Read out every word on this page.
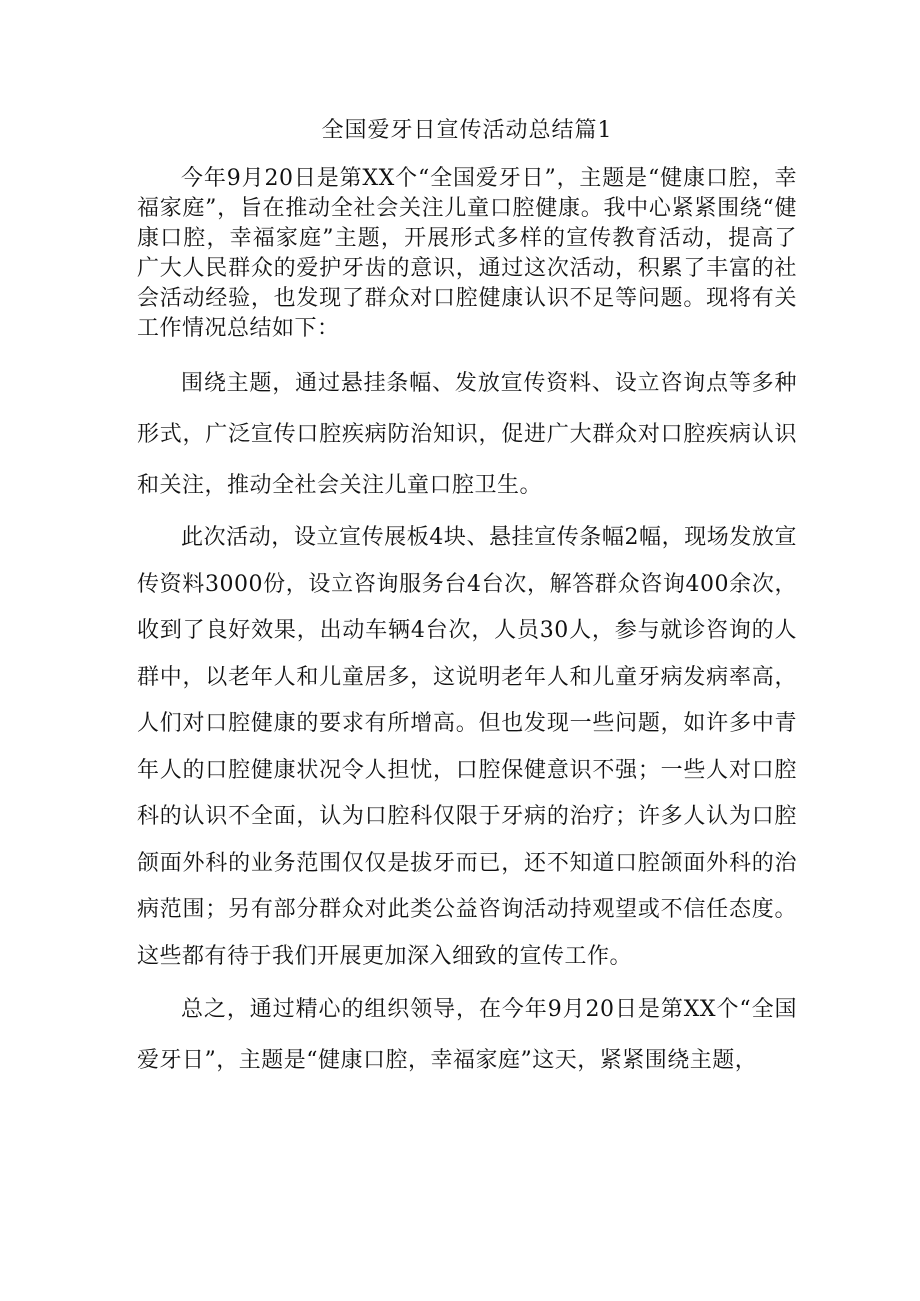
全国爱牙日宣传活动总结篇1

今年9月20日是第XX个“全国爱牙日”，主题是“健康口腔，幸福家庭”，旨在推动全社会关注儿童口腔健康。我中心紧紧围绕“健康口腔，幸福家庭”主题，开展形式多样的宣传教育活动，提高了广大人民群众的爱护牙齿的意识，通过这次活动，积累了丰富的社会活动经验，也发现了群众对口腔健康认识不足等问题。现将有关工作情况总结如下：

围绕主题，通过悬挂条幅、发放宣传资料、设立咨询点等多种形式，广泛宣传口腔疾病防治知识，促进广大群众对口腔疾病认识和关注，推动全社会关注儿童口腔卫生。

此次活动，设立宣传展板4块、悬挂宣传条幅2幅，现场发放宣传资料3000份，设立咨询服务台4台次，解答群众咨询400余次，收到了良好效果，出动车辆4台次，人员30人，参与就诊咨询的人群中，以老年人和儿童居多，这说明老年人和儿童牙病发病率高，人们对口腔健康的要求有所增高。但也发现一些问题，如许多中青年人的口腔健康状况令人担忧，口腔保健意识不强；一些人对口腔科的认识不全面，认为口腔科仅限于牙病的治疗；许多人认为口腔颌面外科的业务范围仅仅是拔牙而已，还不知道口腔颌面外科的治病范围；另有部分群众对此类公益咨询活动持观望或不信任态度。这些都有待于我们开展更加深入细致的宣传工作。

总之，通过精心的组织领导，在今年9月20日是第XX个“全国爱牙日”，主题是“健康口腔，幸福家庭”这天，紧紧围绕主题，
